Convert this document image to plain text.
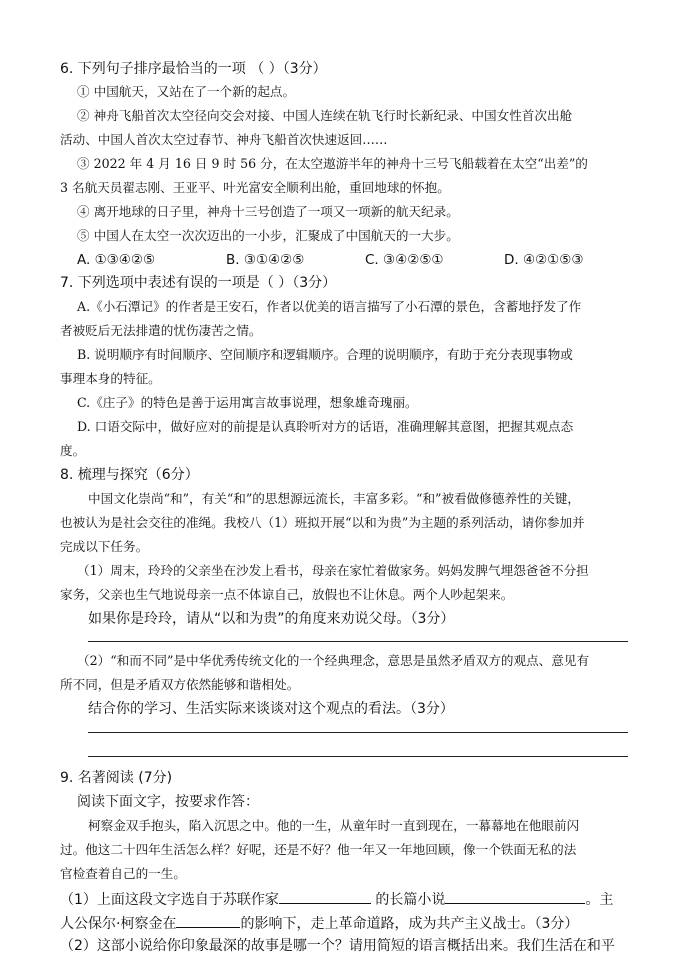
6. 下列句子排序最恰当的一项 （ ）（3分）
① 中国航天，又站在了一个新的起点。
② 神舟飞船首次太空径向交会对接、中国人连续在轨飞行时长新纪录、中国女性首次出舱
活动、中国人首次太空过春节、神舟飞船首次快速返回……
③ 2022 年 4 月 16 日 9 时 56 分，在太空遨游半年的神舟十三号飞船载着在太空“出差”的
3 名航天员翟志刚、王亚平、叶光富安全顺利出舱，重回地球的怀抱。
④ 离开地球的日子里，神舟十三号创造了一项又一项新的航天纪录。
⑤ 中国人在太空一次次迈出的一小步，汇聚成了中国航天的一大步。
A. ①③④②⑤	B. ③①④②⑤	C. ③④②⑤①	D. ④②①⑤③
7. 下列选项中表述有误的一项是（ ）（3分）
A.《小石潭记》的作者是王安石，作者以优美的语言描写了小石潭的景色，含蓄地抒发了作
者被贬后无法排遣的忧伤凄苦之情。
B. 说明顺序有时间顺序、空间顺序和逻辑顺序。合理的说明顺序，有助于充分表现事物或
事理本身的特征。
C.《庄子》的特色是善于运用寓言故事说理，想象雄奇瑰丽。
D. 口语交际中，做好应对的前提是认真聆听对方的话语，准确理解其意图，把握其观点态
度。
8. 梳理与探究（6分）
中国文化崇尚“和”，有关“和”的思想源远流长，丰富多彩。“和”被看做修德养性的关键，
也被认为是社会交往的准绳。我校八（1）班拟开展“以和为贵”为主题的系列活动，请你参加并
完成以下任务。
（1）周末，玲玲的父亲坐在沙发上看书，母亲在家忙着做家务。妈妈发脾气埋怨爸爸不分担
家务，父亲也生气地说母亲一点不体谅自己，放假也不让休息。两个人吵起架来。
如果你是玲玲，请从“以和为贵”的角度来劝说父母。（3分）
（2）“和而不同”是中华优秀传统文化的一个经典理念，意思是虽然矛盾双方的观点、意见有
所不同，但是矛盾双方依然能够和谐相处。
结合你的学习、生活实际来谈谈对这个观点的看法。（3分）
9. 名著阅读 (7分)
阅读下面文字，按要求作答：
柯察金双手抱头，陷入沉思之中。他的一生，从童年时一直到现在，一幕幕地在他眼前闪
过。他这二十四年生活怎么样？好呢，还是不好？他一年又一年地回顾，像一个铁面无私的法
官检查着自己的一生。
（1）上面这段文字选自于苏联作家	的长篇小说	。主
人公保尔·柯察金在	的影响下，走上革命道路，成为共产主义战士。（3分）
（2）这部小说给你印象最深的故事是哪一个？请用简短的语言概括出来。我们生活在和平
